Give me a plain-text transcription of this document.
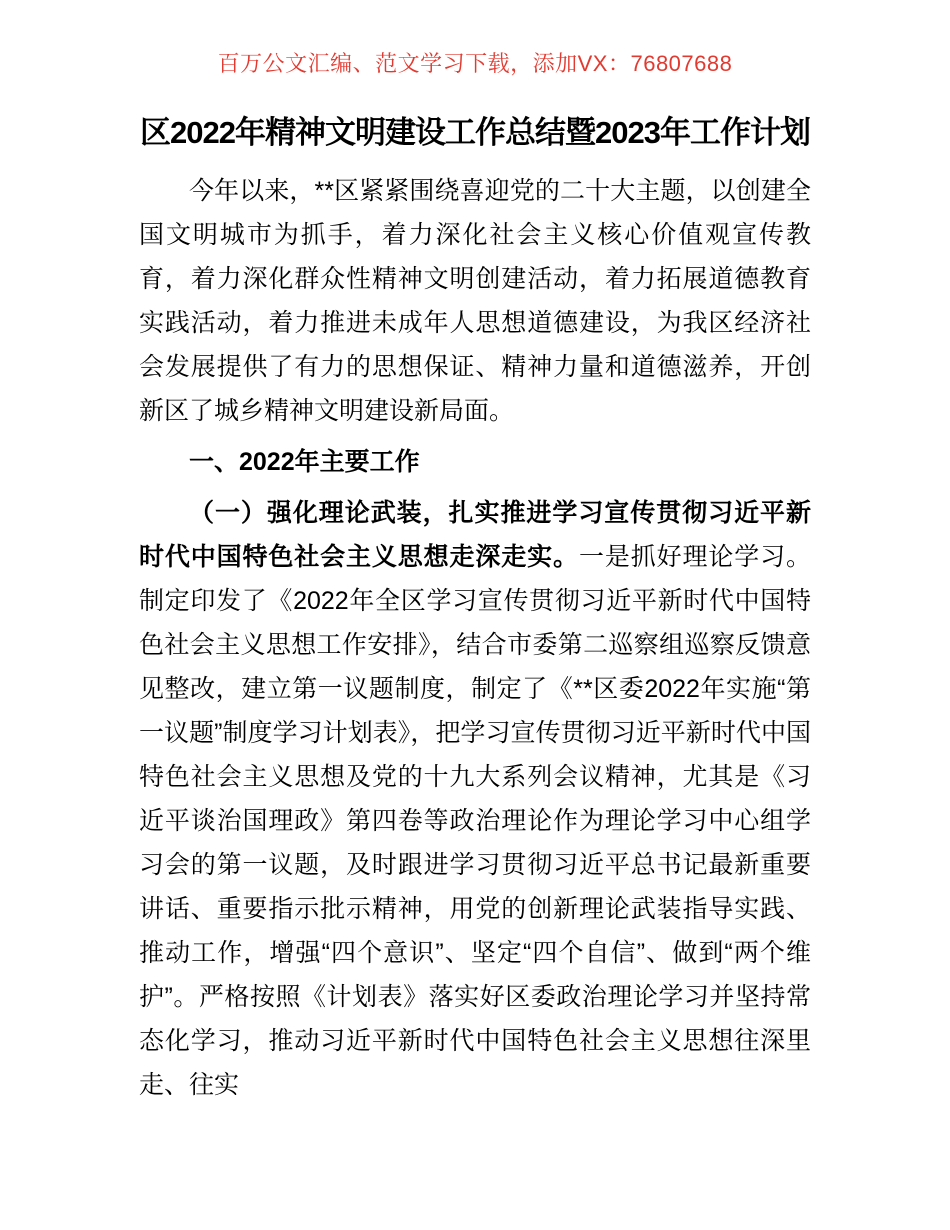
百万公文汇编、范文学习下载，添加VX：76807688
区2022年精神文明建设工作总结暨2023年工作计划

今年以来，**区紧紧围绕喜迎党的二十大主题，以创建全国文明城市为抓手，着力深化社会主义核心价值观宣传教育，着力深化群众性精神文明创建活动，着力拓展道德教育实践活动，着力推进未成年人思想道德建设，为我区经济社会发展提供了有力的思想保证、精神力量和道德滋养，开创新区了城乡精神文明建设新局面。

一、2022年主要工作

（一）强化理论武装，扎实推进学习宣传贯彻习近平新时代中国特色社会主义思想走深走实。一是抓好理论学习。制定印发了《2022年全区学习宣传贯彻习近平新时代中国特色社会主义思想工作安排》，结合市委第二巡察组巡察反馈意见整改，建立第一议题制度，制定了《**区委2022年实施“第一议题”制度学习计划表》，把学习宣传贯彻习近平新时代中国特色社会主义思想及党的十九大系列会议精神，尤其是《习近平谈治国理政》第四卷等政治理论作为理论学习中心组学习会的第一议题，及时跟进学习贯彻习近平总书记最新重要讲话、重要指示批示精神，用党的创新理论武装指导实践、推动工作，增强“四个意识”、坚定“四个自信”、做到“两个维护”。严格按照《计划表》落实好区委政治理论学习并坚持常态化学习，推动习近平新时代中国特色社会主义思想往深里走、往实
